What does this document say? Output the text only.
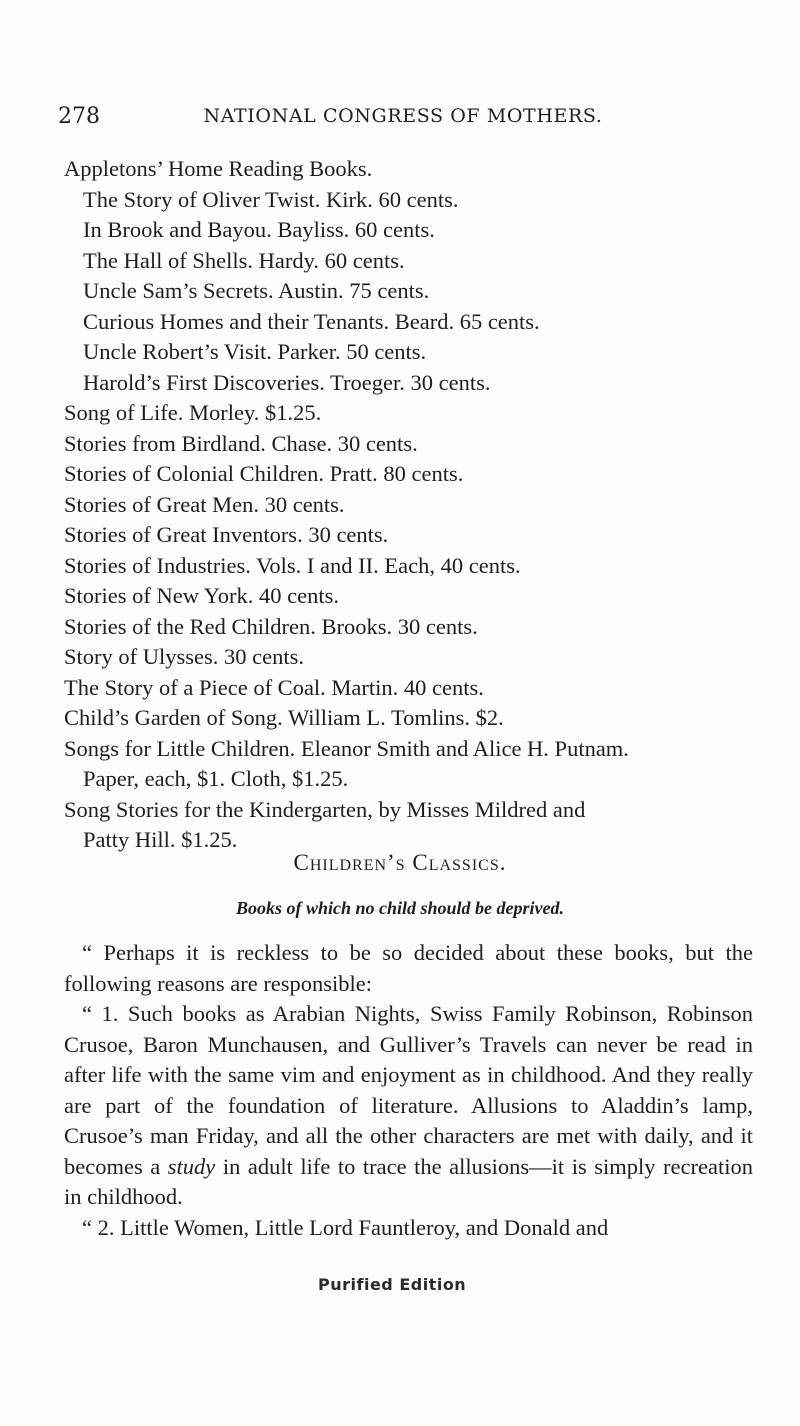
278	NATIONAL CONGRESS OF MOTHERS.
Appletons’ Home Reading Books.
The Story of Oliver Twist. Kirk. 60 cents.
In Brook and Bayou. Bayliss. 60 cents.
The Hall of Shells. Hardy. 60 cents.
Uncle Sam’s Secrets. Austin. 75 cents.
Curious Homes and their Tenants. Beard. 65 cents.
Uncle Robert’s Visit. Parker. 50 cents.
Harold’s First Discoveries. Troeger. 30 cents.
Song of Life. Morley. $1.25.
Stories from Birdland. Chase. 30 cents.
Stories of Colonial Children. Pratt. 80 cents.
Stories of Great Men. 30 cents.
Stories of Great Inventors. 30 cents.
Stories of Industries. Vols. I and II. Each, 40 cents.
Stories of New York. 40 cents.
Stories of the Red Children. Brooks. 30 cents.
Story of Ulysses. 30 cents.
The Story of a Piece of Coal. Martin. 40 cents.
Child’s Garden of Song. William L. Tomlins. $2.
Songs for Little Children. Eleanor Smith and Alice H. Putnam.
Paper, each, $1. Cloth, $1.25.
Song Stories for the Kindergarten, by Misses Mildred and
Patty Hill. $1.25.
Children’s Classics.
Books of which no child should be deprived.

“ Perhaps it is reckless to be so decided about these books, but the following reasons are responsible:

“ 1. Such books as Arabian Nights, Swiss Family Robinson, Robinson Crusoe, Baron Munchausen, and Gulliver’s Travels can never be read in after life with the same vim and enjoyment as in childhood. And they really are part of the foundation of literature. Allusions to Aladdin’s lamp, Crusoe’s man Friday, and all the other characters are met with daily, and it becomes a study in adult life to trace the allusions—it is simply recreation in childhood.

“ 2. Little Women, Little Lord Fauntleroy, and Donald and

Purified Edition
